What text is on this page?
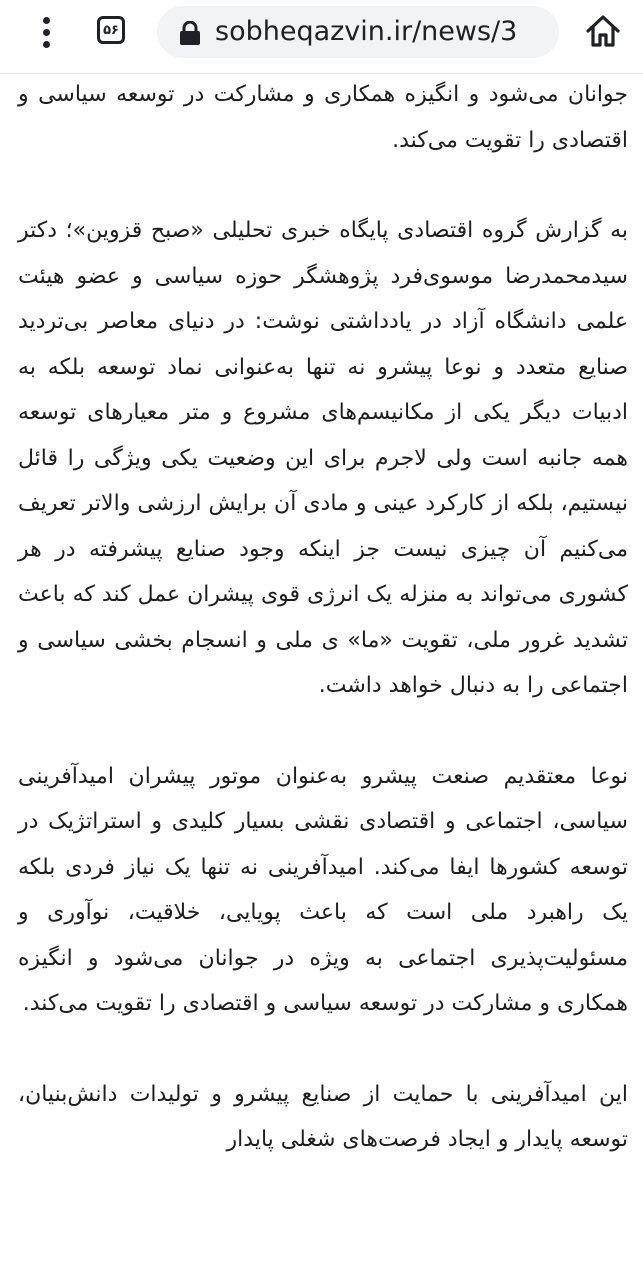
۵۶	sobheqazvin.ir/news/3

جوانان می‌شود و انگیزه همکاری و مشارکت در توسعه سیاسی و اقتصادی را تقویت می‌کند.

به گزارش گروه اقتصادی پایگاه خبری تحلیلی «صبح قزوین»؛ دکتر سیدمحمدرضا موسوی‌فرد پژوهشگر حوزه سیاسی و عضو هیئت علمی دانشگاه آزاد در یادداشتی نوشت: در دنیای معاصر بی‌تردید صنایع متعدد و نوعا پیشرو نه تنها به‌عنوانی نماد توسعه بلکه به ادبیات دیگر یکی از مکانیسم‌های مشروع و متر معیارهای توسعه همه جانبه است ولی لاجرم برای این وضعیت یکی ویژگی را قائل نیستیم، بلکه از کارکرد عینی و مادی آن برایش ارزشی والاتر تعریف می‌کنیم آن چیزی نیست جز اینکه وجود صنایع پیشرفته در هر کشوری می‌تواند به منزله یک انرژی قوی پیشران عمل کند که باعث تشدید غرور ملی، تقویت «ما» ی ملی و انسجام بخشی سیاسی و اجتماعی را به دنبال خواهد داشت.

نوعا معتقدیم صنعت پیشرو به‌عنوان موتور پیشران امیدآفرینی سیاسی، اجتماعی و اقتصادی نقشی بسیار کلیدی و استراتژیک در توسعه کشورها ایفا می‌کند. امیدآفرینی نه تنها یک نیاز فردی بلکه یک راهبرد ملی است که باعث پویایی، خلاقیت، نوآوری و مسئولیت‌پذیری اجتماعی به ویژه در جوانان می‌شود و انگیزه همکاری و مشارکت در توسعه سیاسی و اقتصادی را تقویت می‌کند.

این امیدآفرینی با حمایت از صنایع پیشرو و تولیدات دانش‌بنیان، توسعه پایدار و ایجاد فرصت‌های شغلی پایدار
